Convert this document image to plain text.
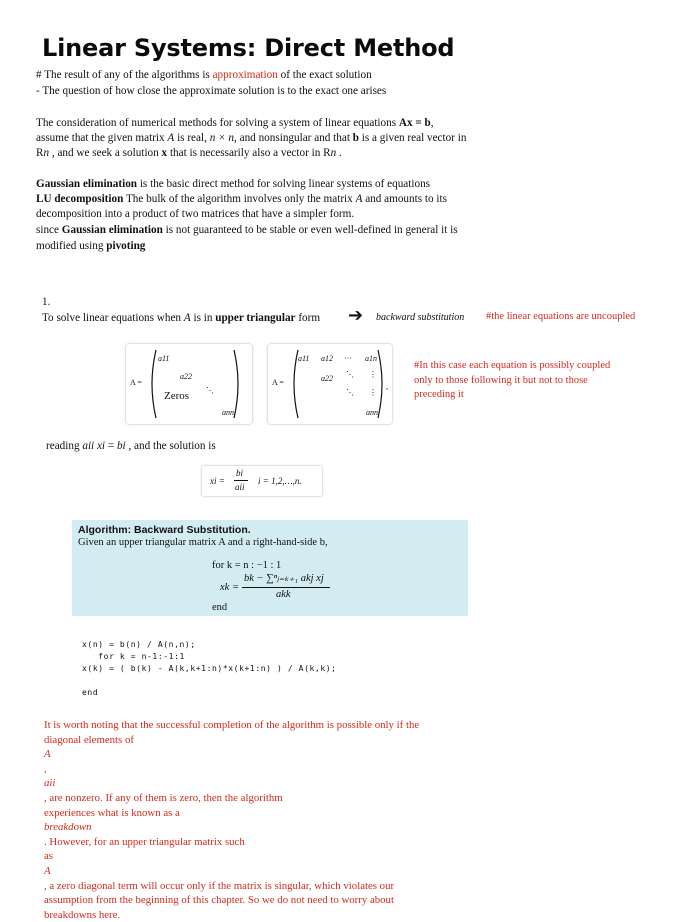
Linear Systems: Direct Method
# The result of any of the algorithms is approximation of the exact solution
- The question of how close the approximate solution is to the exact one arises
The consideration of numerical methods for solving a system of linear equations Ax = b,
assume that the given matrix A is real, n × n, and nonsingular and that b is a given real vector in
Rn , and we seek a solution x that is necessarily also a vector in Rn .
Gaussian elimination is the basic direct method for solving linear systems of equations
LU decomposition The bulk of the algorithm involves only the matrix A and amounts to its
decomposition into a product of two matrices that have a simpler form.
since Gaussian elimination is not guaranteed to be stable or even well-defined in general it is
modified using pivoting
1.
To solve linear equations when A is in upper triangular form ➔ backward substitution #the linear equations are uncoupled
A =
a11
a22
Zeros ⋱
ann
A =
a11 a12 ··· a1n
a22 ⋱ ⋮
⋱ ⋮
ann
,
#In this case each equation is possibly coupled
only to those following it but not to those
preceding it
reading aii xi = bi , and the solution is
xi =
bi
aii
i = 1,2,…,n.
Algorithm: Backward Substitution.
Given an upper triangular matrix A and a right-hand-side b,
for k = n : −1 : 1
xk =
bk − ∑ⁿⱼ₌ₖ₊₁ akj xj
akk
end
x(n) = b(n) / A(n,n);
for k = n-1:-1:1
x(k) = ( b(k) - A(k,k+1:n)*x(k+1:n) ) / A(k,k);
end
It is worth noting that the successful completion of the algorithm is possible only if the
diagonal elements of
A
,
aii
, are nonzero. If any of them is zero, then the algorithm
experiences what is known as a
breakdown
. However, for an upper triangular matrix such
as
A
, a zero diagonal term will occur only if the matrix is singular, which violates our
assumption from the beginning of this chapter. So we do not need to worry about
breakdowns here.
